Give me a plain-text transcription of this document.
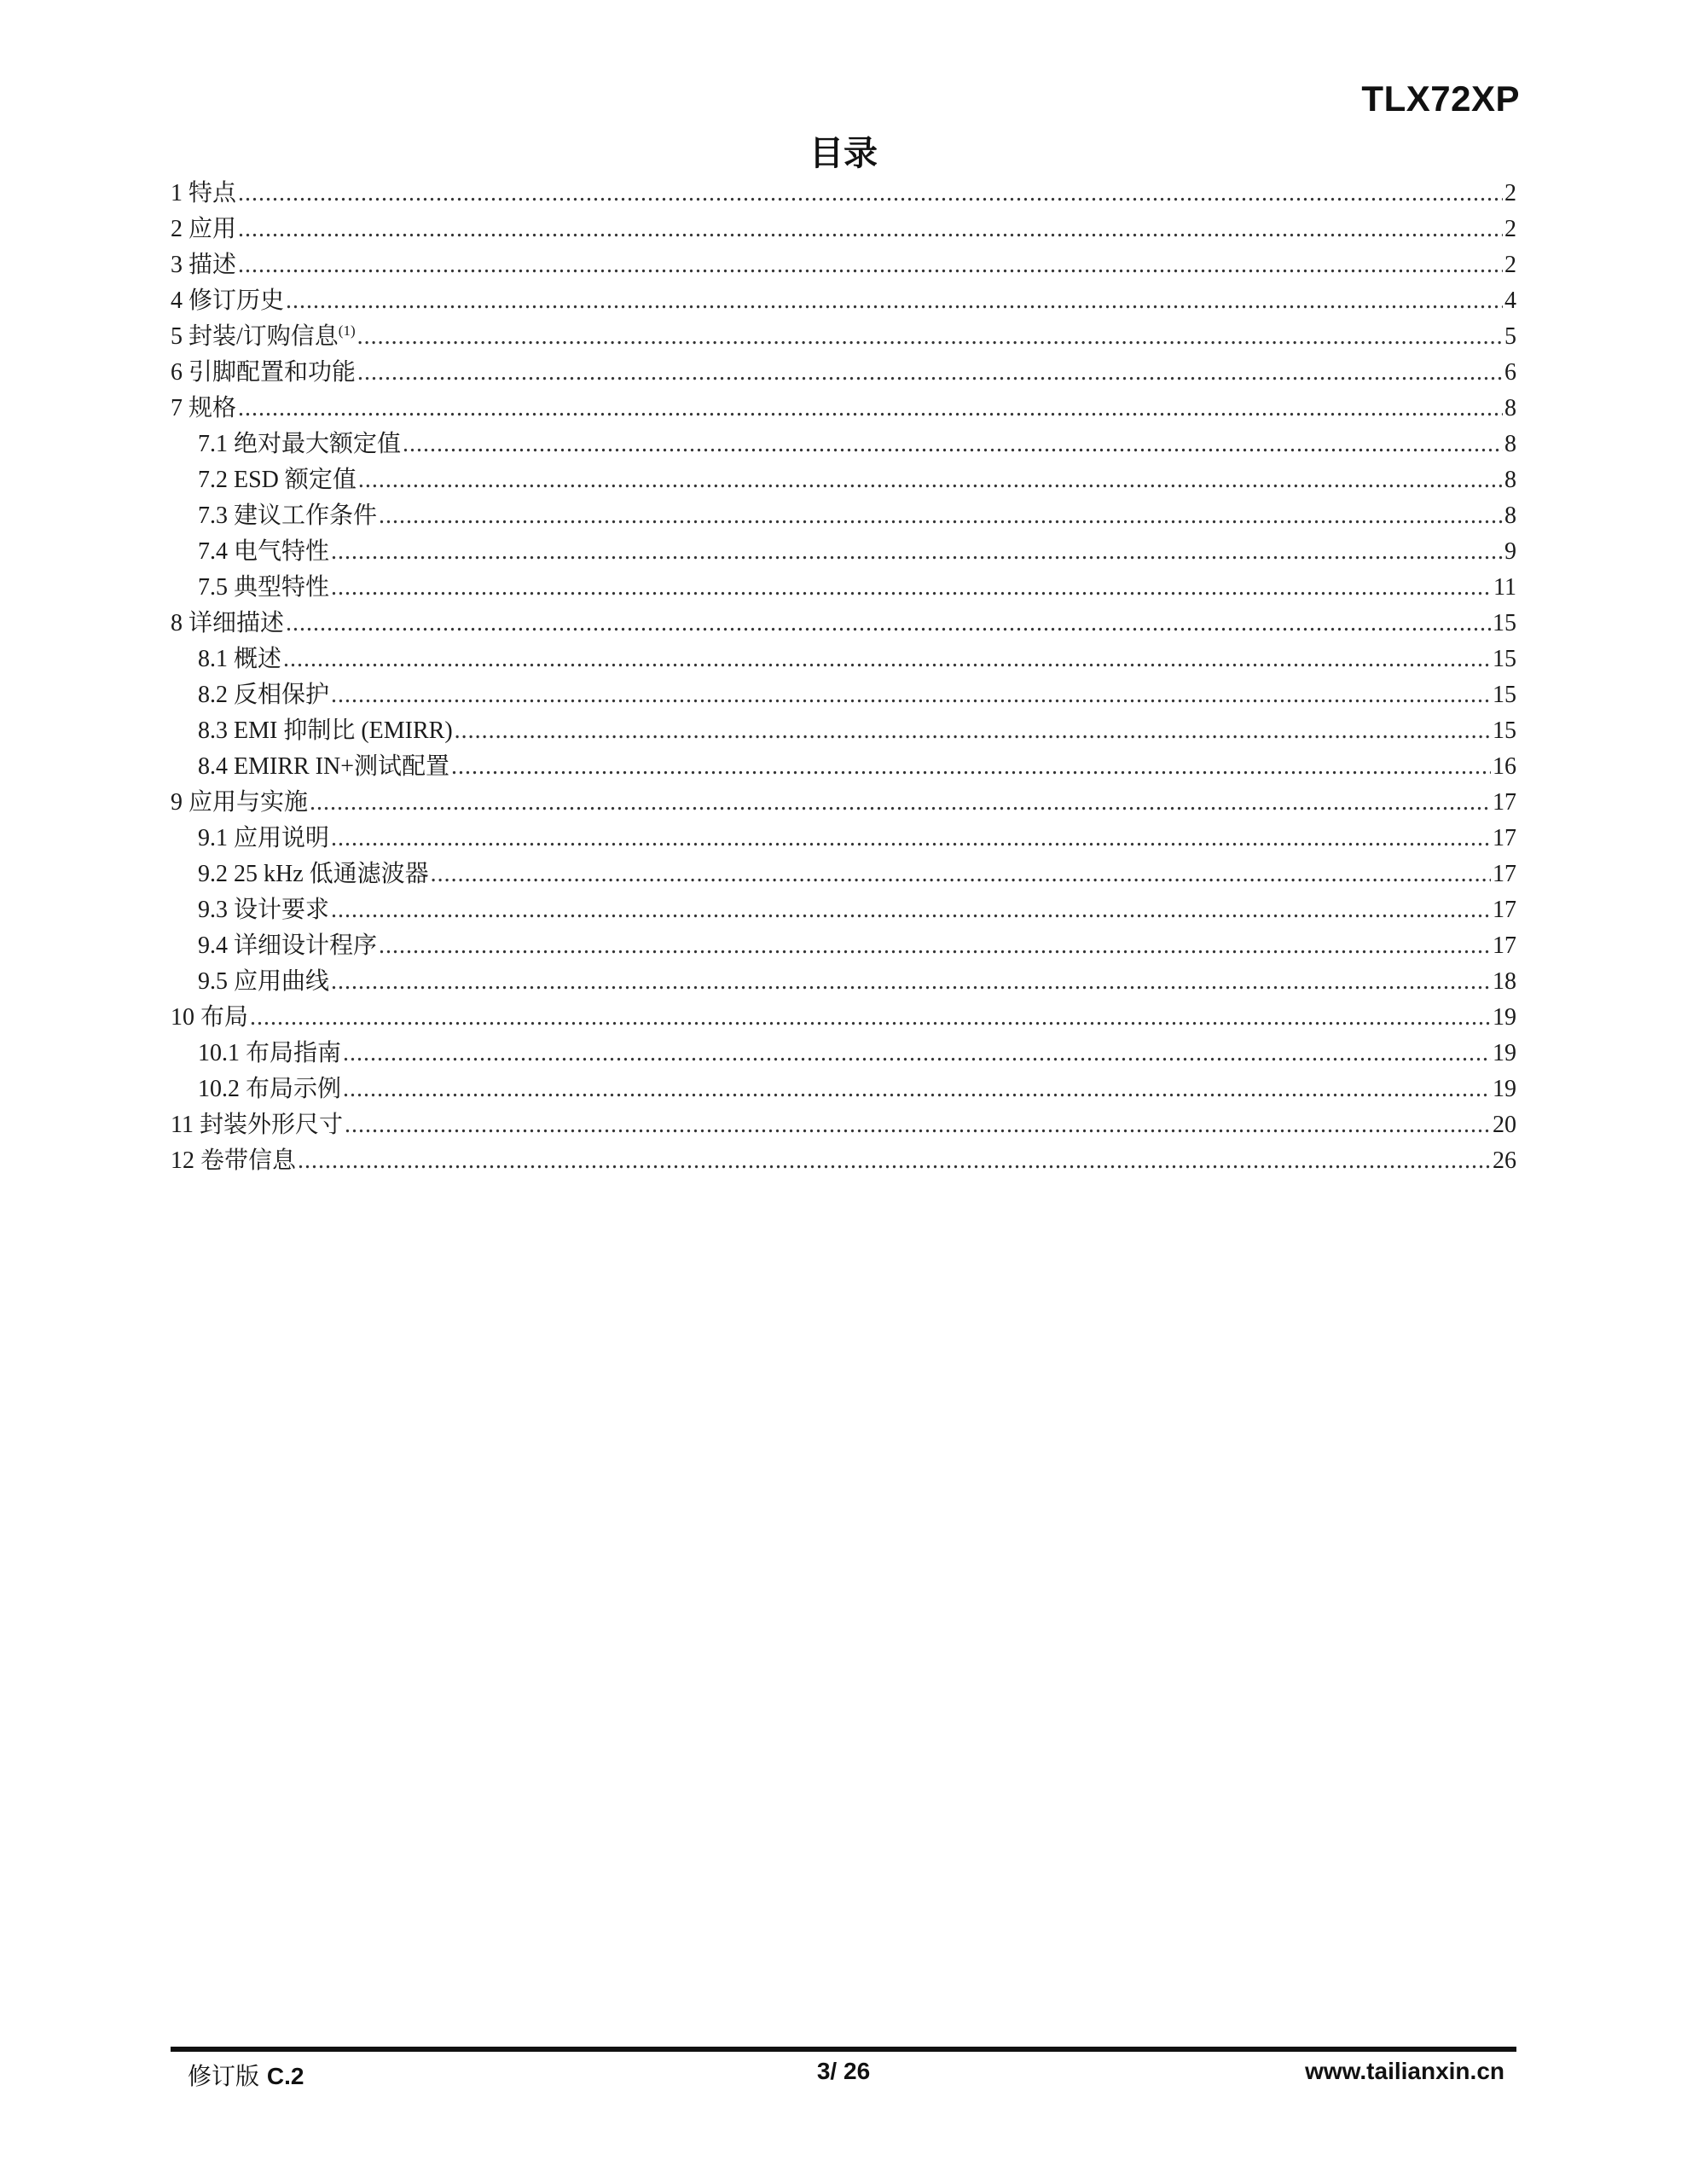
TLX72XP
目录
1 特点 .....	2
2 应用 .....	2
3 描述 .....	2
4 修订历史 .....	4
5 封装/订购信息$^{(1)}$ .....	5
6 引脚配置和功能 .....	6
7 规格 .....	8
7.1 绝对最大额定值 .....	8
7.2 ESD 额定值 .....	8
7.3 建议工作条件 .....	8
7.4 电气特性 .....	9
7.5 典型特性 .....	11
8 详细描述 .....	15
8.1 概述 .....	15
8.2 反相保护 .....	15
8.3 EMI 抑制比 (EMIRR) .....	15
8.4 EMIRR IN+测试配置 .....	16
9 应用与实施 .....	17
9.1 应用说明 .....	17
9.2 25 kHz 低通滤波器 .....	17
9.3 设计要求 .....	17
9.4 详细设计程序 .....	17
9.5 应用曲线 .....	18
10 布局 .....	19
10.1 布局指南 .....	19
10.2 布局示例 .....	19
11 封装外形尺寸 .....	20
12 卷带信息 .....	26
修订版 C.2	3/ 26	www.tailianxin.cn
